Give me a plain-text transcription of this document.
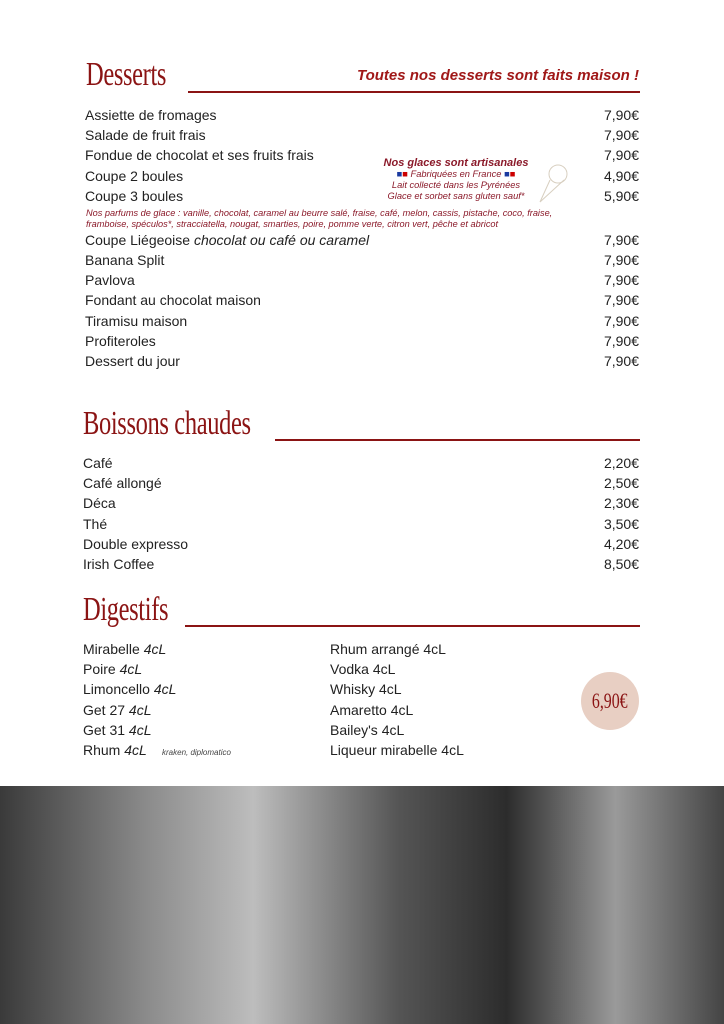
Desserts	Toutes nos desserts sont faits maison !
Assiette de fromages	7,90€
Salade de fruit frais	7,90€
Fondue de chocolat et ses fruits frais	7,90€
Coupe 2 boules	4,90€
Coupe 3 boules	5,90€
Nos parfums de glace : vanille, chocolat, caramel au beurre salé, fraise, café, melon, cassis, pistache, coco, fraise, framboise, spéculos*, stracciatella, nougat, smarties, poire, pomme verte, citron vert, pêche et abricot
Coupe Liégeoise chocolat ou café ou caramel	7,90€
Banana Split	7,90€
Pavlova	7,90€
Fondant au chocolat maison	7,90€
Tiramisu maison	7,90€
Profiteroles	7,90€
Dessert du jour	7,90€
Nos glaces sont artisanales
■■ Fabriquées en France ■■
Lait collecté dans les Pyrénées
Glace et sorbet sans gluten sauf*
Boissons chaudes
Café	2,20€
Café allongé	2,50€
Déca	2,30€
Thé	3,50€
Double expresso	4,20€
Irish Coffee	8,50€
Digestifs
Mirabelle 4cL
Poire 4cL
Limoncello 4cL
Get 27 4cL
Get 31 4cL
Rhum 4cL kraken, diplomatico
Rhum arrangé 4cL
Vodka 4cL
Whisky 4cL
Amaretto 4cL
Bailey's 4cL
Liqueur mirabelle 4cL
6,90€
